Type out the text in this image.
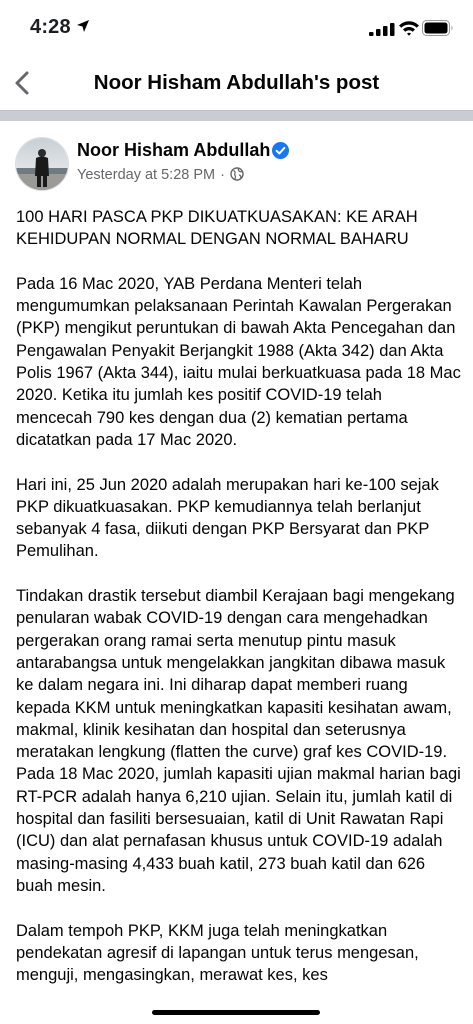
4:28
Noor Hisham Abdullah's post
Noor Hisham Abdullah
Yesterday at 5:28 PM ·

100 HARI PASCA PKP DIKUATKUASAKAN: KE ARAH KEHIDUPAN NORMAL DENGAN NORMAL BAHARU

Pada 16 Mac 2020, YAB Perdana Menteri telah mengumumkan pelaksanaan Perintah Kawalan Pergerakan (PKP) mengikut peruntukan di bawah Akta Pencegahan dan Pengawalan Penyakit Berjangkit 1988 (Akta 342) dan Akta Polis 1967 (Akta 344), iaitu mulai berkuatkuasa pada 18 Mac 2020. Ketika itu jumlah kes positif COVID-19 telah mencecah 790 kes dengan dua (2) kematian pertama dicatatkan pada 17 Mac 2020.

Hari ini, 25 Jun 2020 adalah merupakan hari ke-100 sejak PKP dikuatkuasakan. PKP kemudiannya telah berlanjut sebanyak 4 fasa, diikuti dengan PKP Bersyarat dan PKP Pemulihan.

Tindakan drastik tersebut diambil Kerajaan bagi mengekang penularan wabak COVID-19 dengan cara mengehadkan pergerakan orang ramai serta menutup pintu masuk antarabangsa untuk mengelakkan jangkitan dibawa masuk ke dalam negara ini. Ini diharap dapat memberi ruang kepada KKM untuk meningkatkan kapasiti kesihatan awam, makmal, klinik kesihatan dan hospital dan seterusnya meratakan lengkung (flatten the curve) graf kes COVID-19. Pada 18 Mac 2020, jumlah kapasiti ujian makmal harian bagi RT-PCR adalah hanya 6,210 ujian. Selain itu, jumlah katil di hospital dan fasiliti bersesuaian, katil di Unit Rawatan Rapi (ICU) dan alat pernafasan khusus untuk COVID-19 adalah masing-masing 4,433 buah katil, 273 buah katil dan 626 buah mesin.

Dalam tempoh PKP, KKM juga telah meningkatkan pendekatan agresif di lapangan untuk terus mengesan, menguji, mengasingkan, merawat kes, kes
